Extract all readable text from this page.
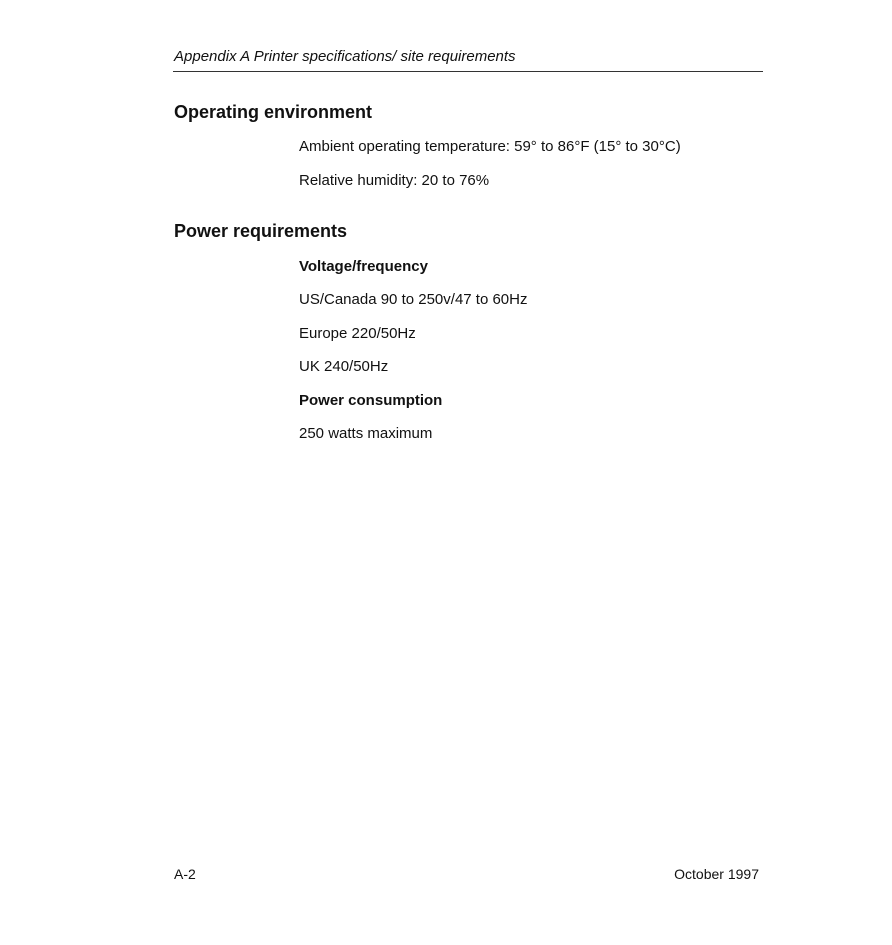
Appendix A Printer specifications/ site requirements
Operating environment

Ambient operating temperature: 59° to 86°F (15° to 30°C)

Relative humidity: 20 to 76%

Power requirements

Voltage/frequency

US/Canada 90 to 250v/47 to 60Hz

Europe 220/50Hz

UK 240/50Hz

Power consumption

250 watts maximum

A-2	October 1997
